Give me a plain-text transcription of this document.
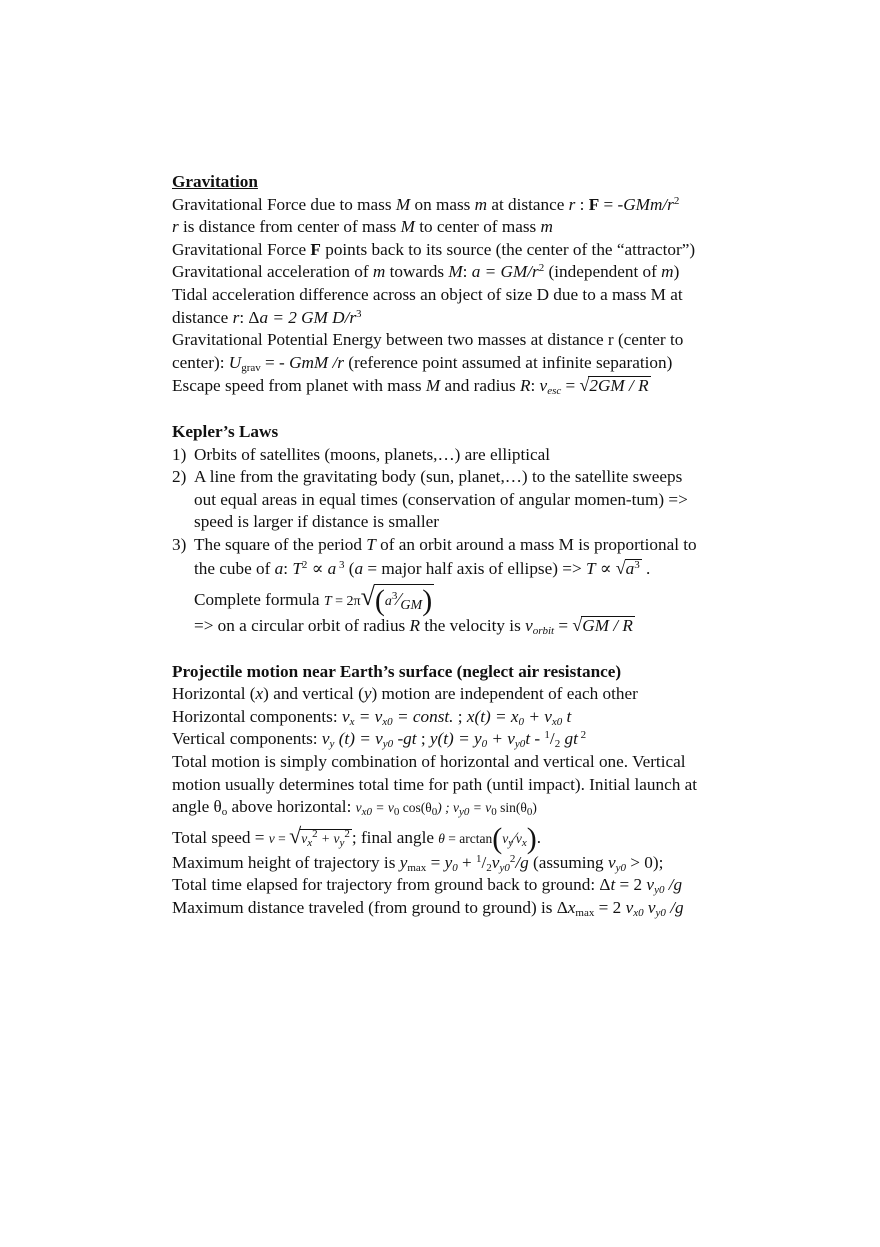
Gravitation
Gravitational Force due to mass M on mass m at distance r : $F = -GMm/r^2$
r is distance from center of mass M to center of mass m
Gravitational Force F points back to its source (the center of the “attractor”)
Gravitational acceleration of m towards M: $a = GM/r^2$ (independent of m)
Tidal acceleration difference across an object of size D due to a mass M at
distance r: Δa = 2 GM $D/r^3$
Gravitational Potential Energy between two masses at distance r (center to
center): $U_{grav}$ = - GmM /r (reference point assumed at infinite separation)
Escape speed from planet with mass M and radius R: $v_{esc} = √2GM / R$
Kepler’s Laws
1) Orbits of satellites (moons, planets,…) are elliptical
2) A line from the gravitating body (sun, planet,…) to the satellite sweeps out equal areas in equal times (conservation of angular momen-tum) => speed is larger if distance is smaller
3) The square of the period T of an orbit around a mass M is proportional to the cube of a: $T^2 \propto a$ $^3$ (a = major half axis of ellipse) => $T \propto √a^3$ .
Complete formula $T = 2\pi√(a^3⁄GM)$
=> on a circular orbit of radius R the velocity is $v_{orbit} = √GM / R$
Projectile motion near Earth’s surface (neglect air resistance)
Horizontal (x) and vertical (y) motion are independent of each other
Horizontal components: $v_x = v_{x0}$ = const. ; $x(t) = x_0 + v_{x0}$ t
Vertical components: $v_y$ $(t) = v_{y0}$ -gt ; $y(t) = y_0 + v_{y0}t - ^1/_2$ gt $^2$
Total motion is simply combination of horizontal and vertical one. Vertical
motion usually determines total time for path (until impact). Initial launch at
angle $\theta_o$ above horizontal: $v_{x0} = v_0$ $\cos(\theta_0)$ ; $v_{y0} = v_0$ $\sin(\theta_0)$
Total speed = $v = √v_x^2 + v_y^2$ ; final angle $\theta = \arctan(v_y⁄v_x)$.
Maximum height of trajectory is $y_{max} = y_0 + ^1/_2v_{y0}^2/g$ (assuming $v_{y0} > 0$);
Total time elapsed for trajectory from ground back to ground: Δt = 2 $v_{y0}$ /g
Maximum distance traveled (from ground to ground) is $\Delta x_{max} = 2$ $v_{x0}$ $v_{y0}$ /g
